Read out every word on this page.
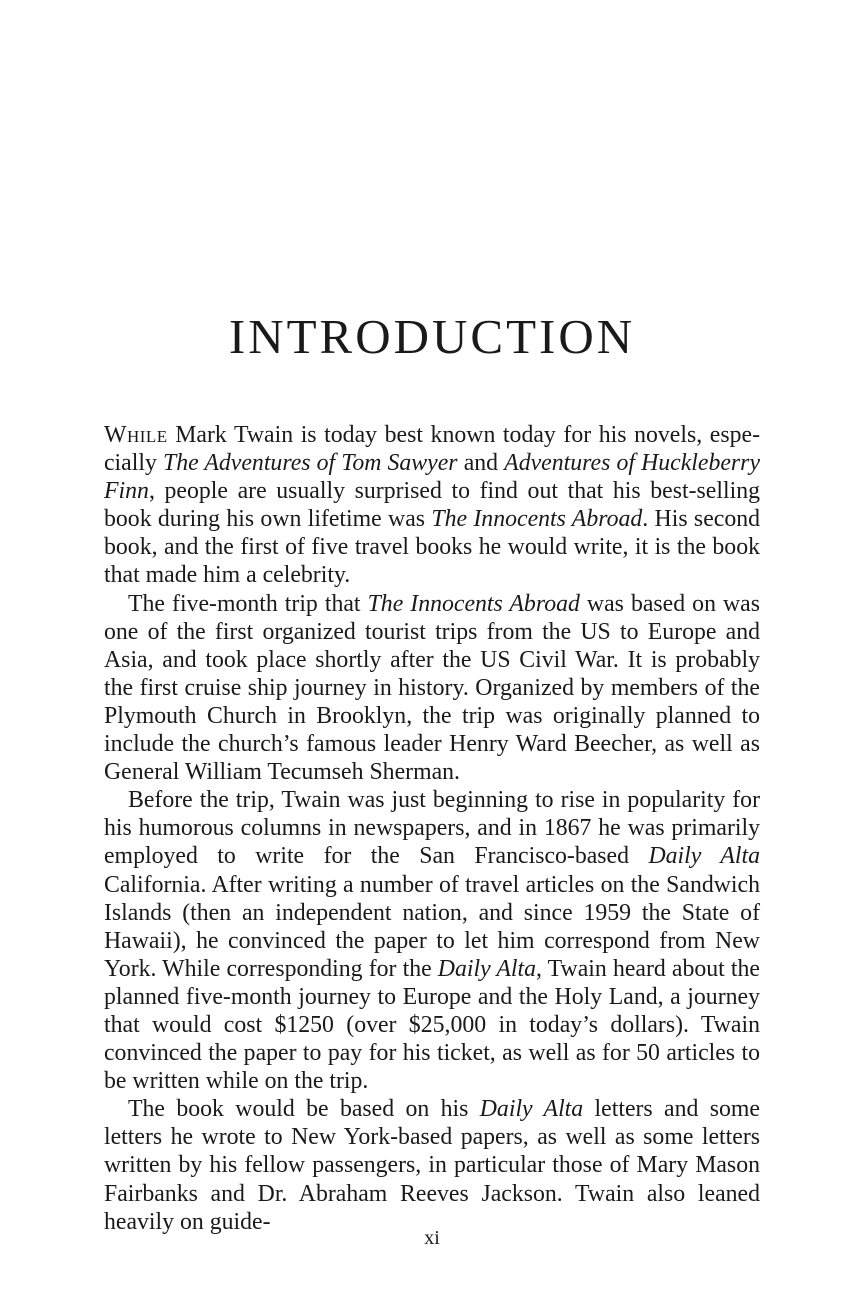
INTRODUCTION

While Mark Twain is today best known today for his novels, especially The Adventures of Tom Sawyer and Adventures of Huckleberry Finn, people are usually surprised to find out that his best-selling book during his own lifetime was The Innocents Abroad. His second book, and the first of five travel books he would write, it is the book that made him a celebrity.

The five-month trip that The Innocents Abroad was based on was one of the first organized tourist trips from the US to Europe and Asia, and took place shortly after the US Civil War. It is probably the first cruise ship journey in history. Organized by members of the Plymouth Church in Brooklyn, the trip was originally planned to include the church’s famous leader Henry Ward Beecher, as well as General William Tecumseh Sherman.

Before the trip, Twain was just beginning to rise in popularity for his humorous columns in newspapers, and in 1867 he was primarily employed to write for the San Francisco-based Daily Alta California. After writing a number of travel articles on the Sandwich Islands (then an independent nation, and since 1959 the State of Hawaii), he convinced the paper to let him correspond from New York. While corresponding for the Daily Alta, Twain heard about the planned five-month journey to Europe and the Holy Land, a journey that would cost $1250 (over $25,000 in today’s dollars). Twain convinced the paper to pay for his ticket, as well as for 50 articles to be written while on the trip.

The book would be based on his Daily Alta letters and some letters he wrote to New York-based papers, as well as some letters written by his fellow passengers, in particular those of Mary Mason Fairbanks and Dr. Abraham Reeves Jackson. Twain also leaned heavily on guide-

xi
